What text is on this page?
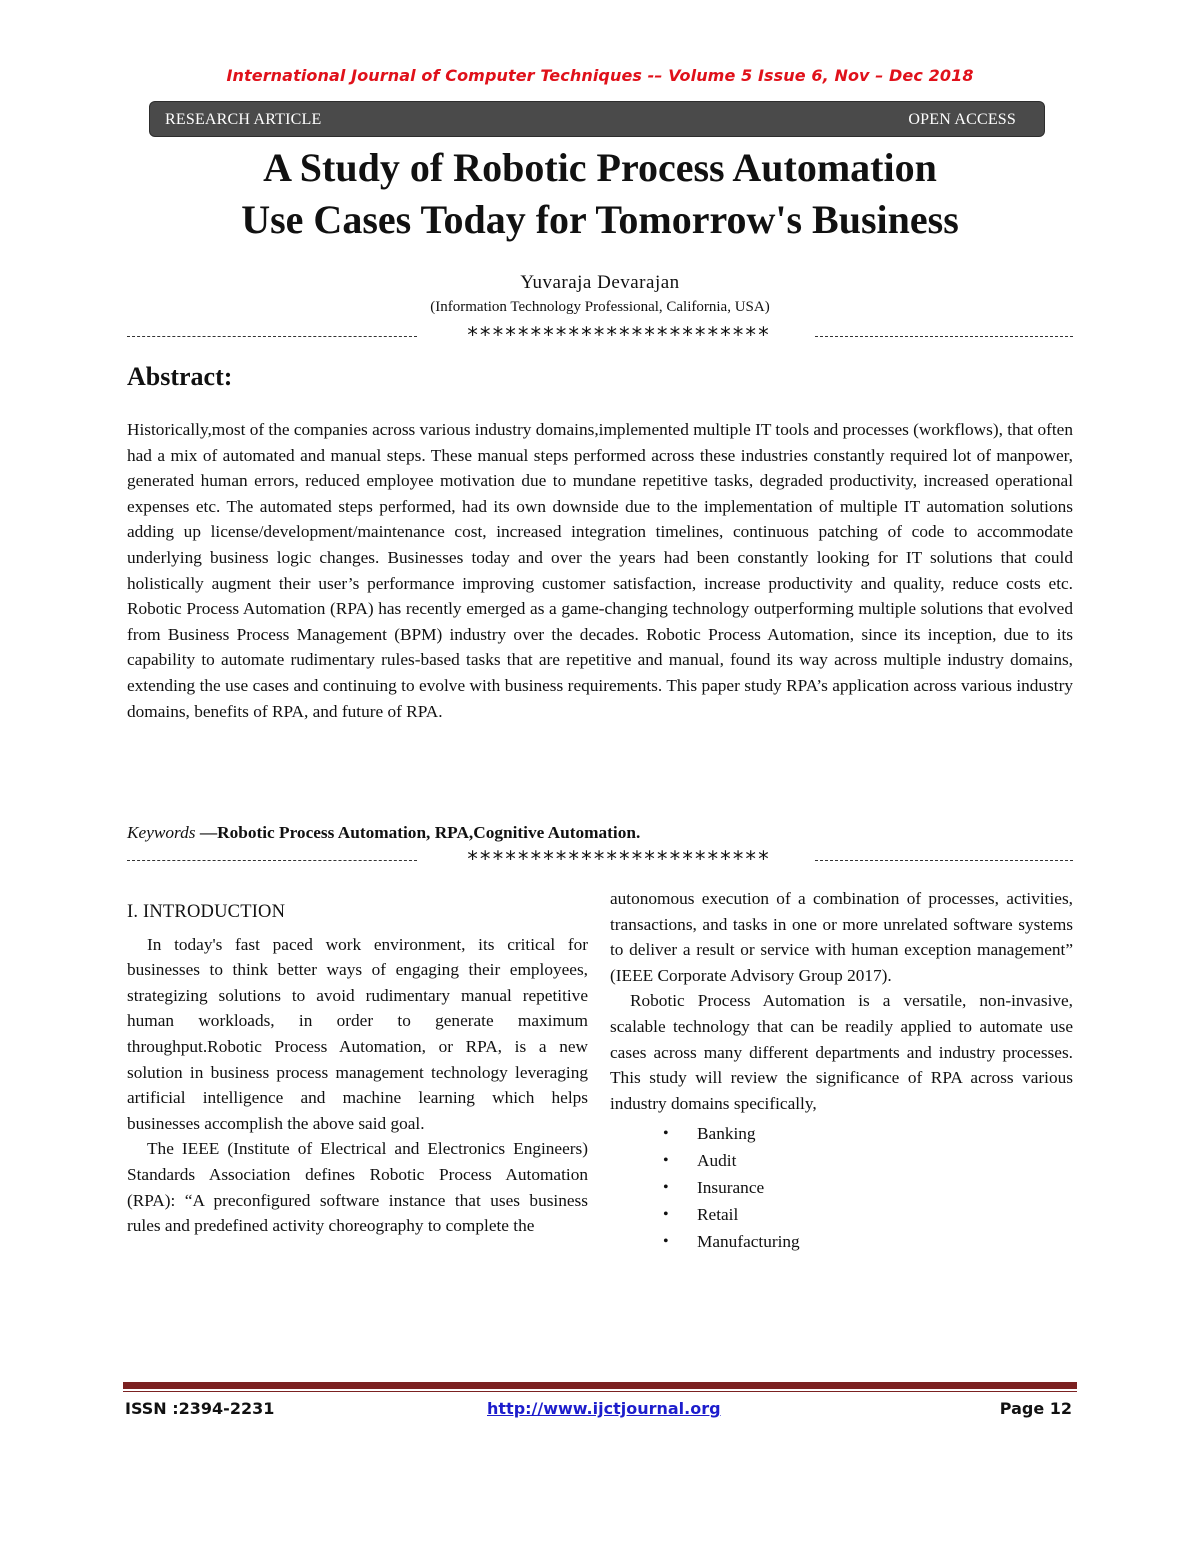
International Journal of Computer Techniques -– Volume 5 Issue 6, Nov – Dec 2018
RESEARCH ARTICLE	OPEN ACCESS
A Study of Robotic Process Automation
Use Cases Today for Tomorrow's Business
Yuvaraja Devarajan
(Information Technology Professional, California, USA)
************************
Abstract:

Historically,most of the companies across various industry domains,implemented multiple IT tools and processes (workflows), that often had a mix of automated and manual steps. These manual steps performed across these industries constantly required lot of manpower, generated human errors, reduced employee motivation due to mundane repetitive tasks, degraded productivity, increased operational expenses etc. The automated steps performed, had its own downside due to the implementation of multiple IT automation solutions adding up license/development/maintenance cost, increased integration timelines, continuous patching of code to accommodate underlying business logic changes. Businesses today and over the years had been constantly looking for IT solutions that could holistically augment their user’s performance improving customer satisfaction, increase productivity and quality, reduce costs etc. Robotic Process Automation (RPA) has recently emerged as a game-changing technology outperforming multiple solutions that evolved from Business Process Management (BPM) industry over the decades. Robotic Process Automation, since its inception, due to its capability to automate rudimentary rules-based tasks that are repetitive and manual, found its way across multiple industry domains, extending the use cases and continuing to evolve with business requirements. This paper study RPA’s application across various industry domains, benefits of RPA, and future of RPA.

Keywords —Robotic Process Automation, RPA,Cognitive Automation.
************************
I. INTRODUCTION

In today's fast paced work environment, its critical for businesses to think better ways of engaging their employees, strategizing solutions to avoid rudimentary manual repetitive human workloads, in order to generate maximum throughput.Robotic Process Automation, or RPA, is a new solution in business process management technology leveraging artificial intelligence and machine learning which helps businesses accomplish the above said goal.

The IEEE (Institute of Electrical and Electronics Engineers) Standards Association defines Robotic Process Automation (RPA): “A preconfigured software instance that uses business rules and predefined activity choreography to complete the

autonomous execution of a combination of processes, activities, transactions, and tasks in one or more unrelated software systems to deliver a result or service with human exception management” (IEEE Corporate Advisory Group 2017).

Robotic Process Automation is a versatile, non-invasive, scalable technology that can be readily applied to automate use cases across many different departments and industry processes. This study will review the significance of RPA across various industry domains specifically,

• Banking
• Audit
• Insurance
• Retail
• Manufacturing
ISSN :2394-2231	http://www.ijctjournal.org	Page 12
